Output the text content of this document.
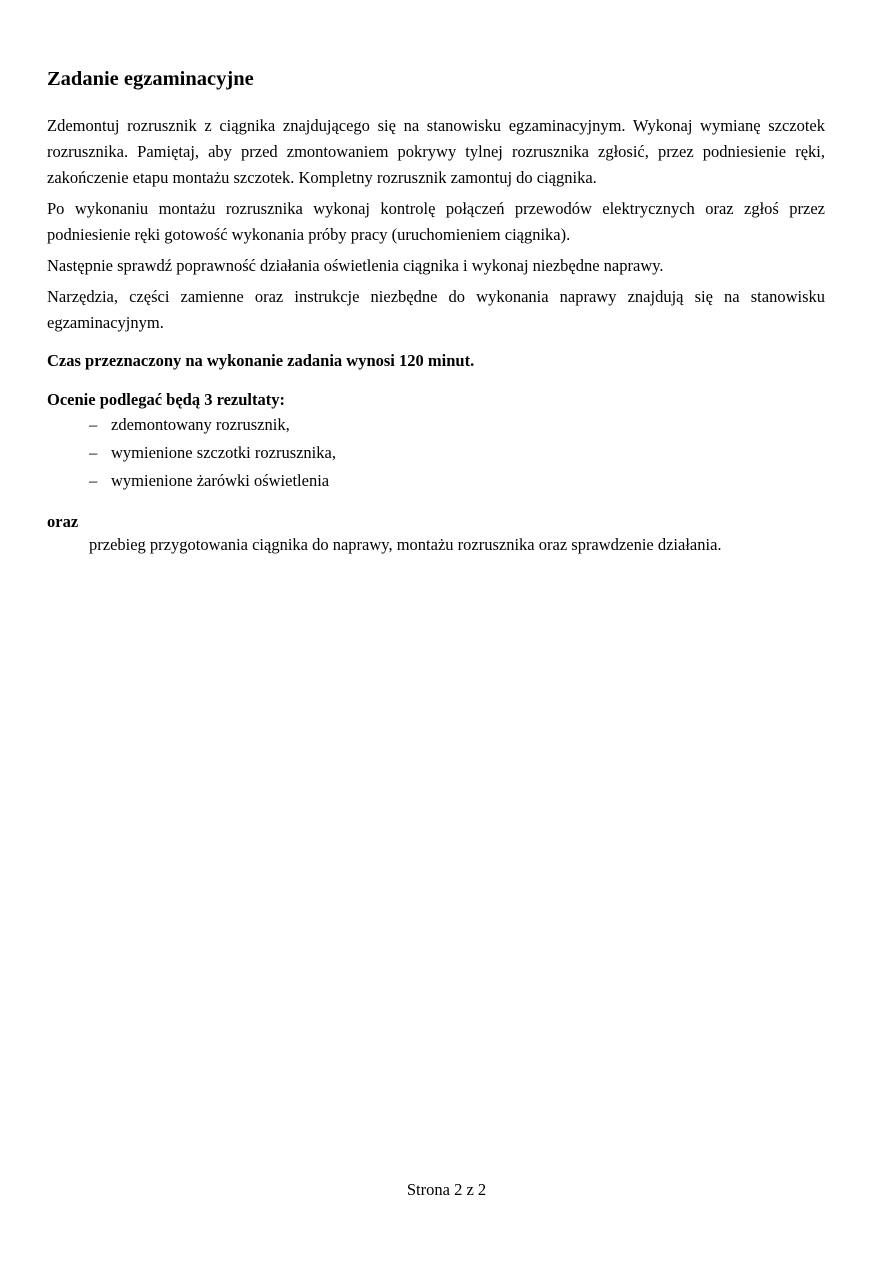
Zadanie egzaminacyjne

Zdemontuj rozrusznik z ciągnika znajdującego się na stanowisku egzaminacyjnym. Wykonaj wymianę szczotek rozrusznika. Pamiętaj, aby przed zmontowaniem pokrywy tylnej rozrusznika zgłosić, przez podniesienie ręki, zakończenie etapu montażu szczotek. Kompletny rozrusznik zamontuj do ciągnika.

Po wykonaniu montażu rozrusznika wykonaj kontrolę połączeń przewodów elektrycznych oraz zgłoś przez podniesienie ręki gotowość wykonania próby pracy (uruchomieniem ciągnika).

Następnie sprawdź poprawność działania oświetlenia ciągnika i wykonaj niezbędne naprawy.

Narzędzia, części zamienne oraz instrukcje niezbędne do wykonania naprawy znajdują się na stanowisku egzaminacyjnym.

Czas przeznaczony na wykonanie zadania wynosi 120 minut.

Ocenie podlegać będą 3 rezultaty:

– zdemontowany rozrusznik,
– wymienione szczotki rozrusznika,
– wymienione żarówki oświetlenia

oraz

przebieg przygotowania ciągnika do naprawy, montażu rozrusznika oraz sprawdzenie działania.

Strona 2 z 2
